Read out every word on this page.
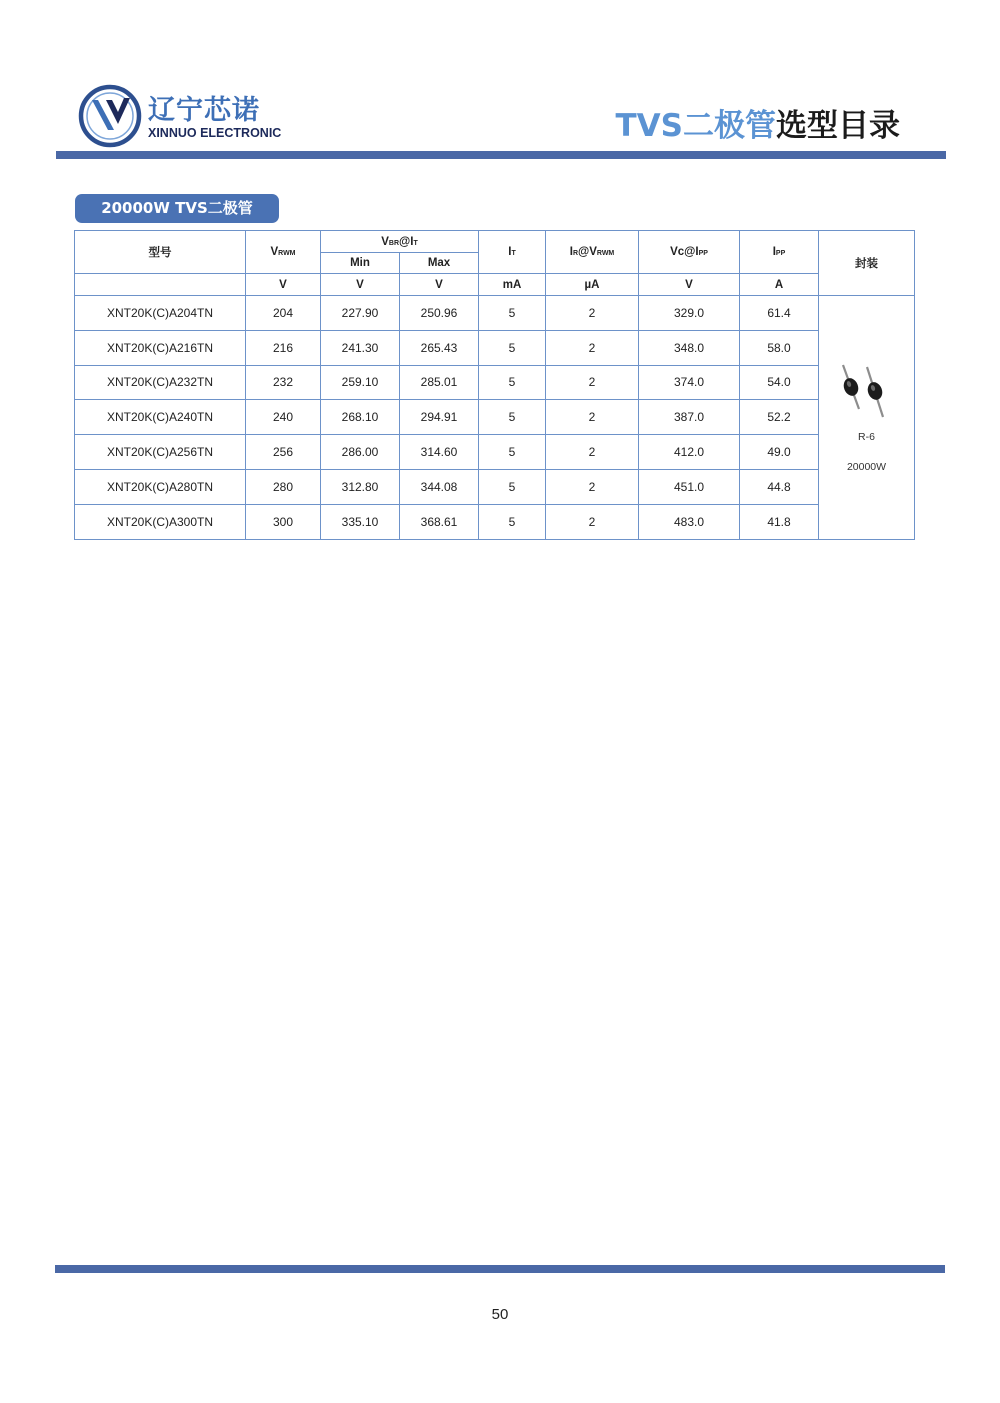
辽宁芯诺
XINNUO ELECTRONIC	TVS二极管选型目录
20000W TVS二极管
型号	VRWM	VBR@IT		IT	IR@VRWM	Vc@IPP	IPP	封装
		Min	Max					
	V	V	V	mA	µA	V	A	
XNT20K(C)A204TN	204	227.90	250.96	5	2	329.0	61.4	R-6
20000W

XNT20K(C)A216TN	216	241.30	265.43	5	2	348.0	58.0	
XNT20K(C)A232TN	232	259.10	285.01	5	2	374.0	54.0	
XNT20K(C)A240TN	240	268.10	294.91	5	2	387.0	52.2	
XNT20K(C)A256TN	256	286.00	314.60	5	2	412.0	49.0	
XNT20K(C)A280TN	280	312.80	344.08	5	2	451.0	44.8	
XNT20K(C)A300TN	300	335.10	368.61	5	2	483.0	41.8	
50
